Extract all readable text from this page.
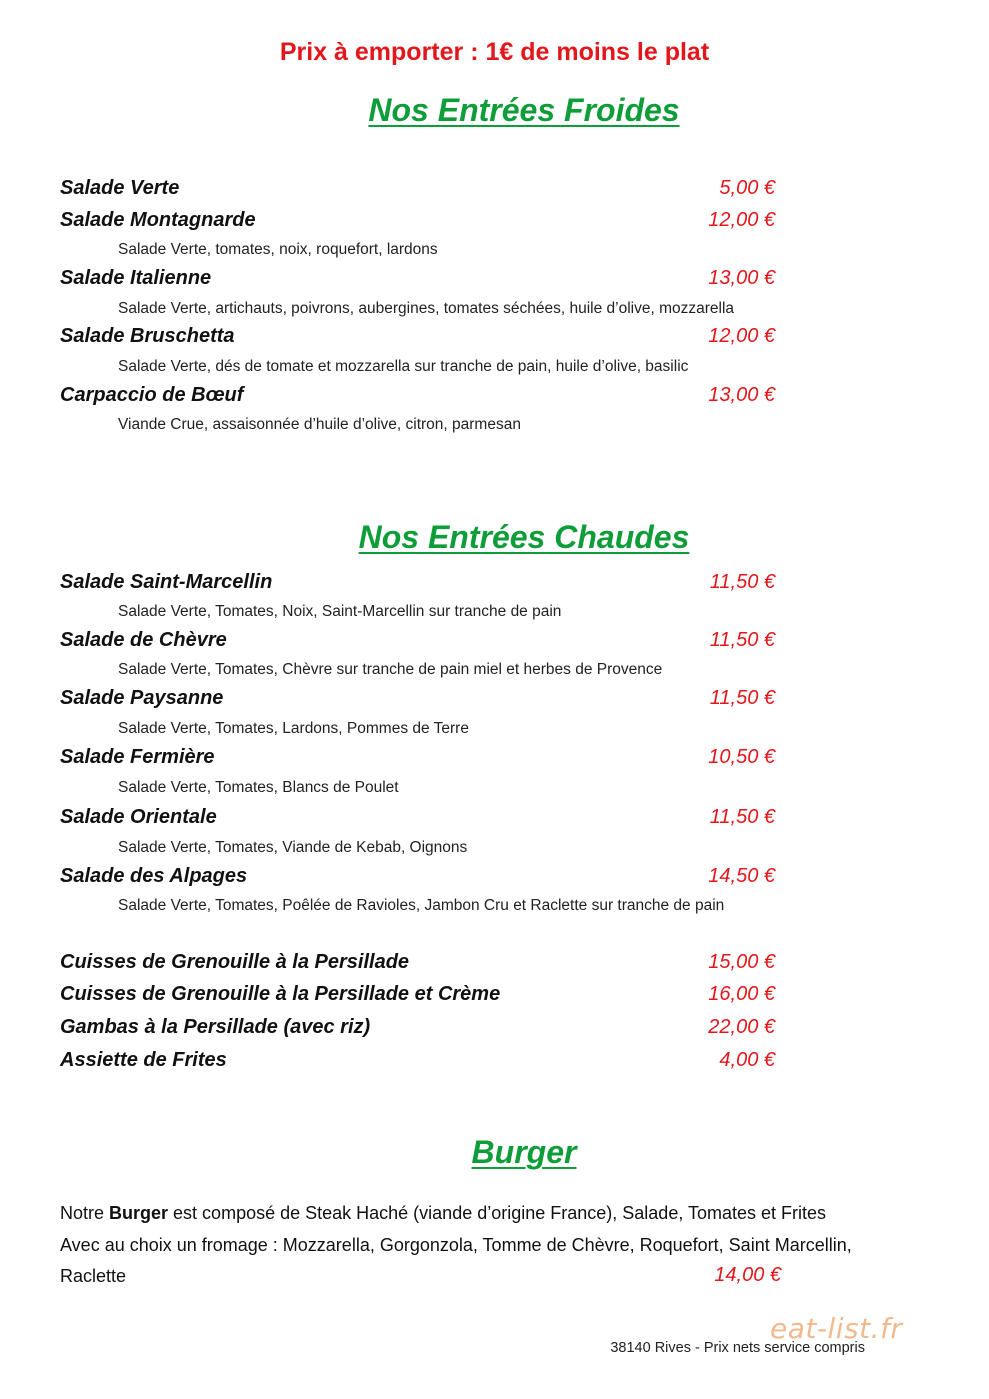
Prix à emporter : 1€ de moins le plat
Nos Entrées Froides
Salade Verte	5,00 €
Salade Montagnarde	12,00 €
Salade Verte, tomates, noix, roquefort, lardons
Salade Italienne	13,00 €
Salade Verte, artichauts, poivrons, aubergines, tomates séchées, huile d’olive, mozzarella
Salade Bruschetta	12,00 €
Salade Verte, dés de tomate et mozzarella sur tranche de pain, huile d’olive, basilic
Carpaccio de Bœuf	13,00 €
Viande Crue, assaisonnée d’huile d’olive, citron, parmesan
Nos Entrées Chaudes
Salade Saint-Marcellin	11,50 €
Salade Verte, Tomates, Noix, Saint-Marcellin sur tranche de pain
Salade de Chèvre	11,50 €
Salade Verte, Tomates, Chèvre sur tranche de pain miel et herbes de Provence
Salade Paysanne	11,50 €
Salade Verte, Tomates, Lardons, Pommes de Terre
Salade Fermière	10,50 €
Salade Verte, Tomates, Blancs de Poulet
Salade Orientale	11,50 €
Salade Verte, Tomates, Viande de Kebab, Oignons
Salade des Alpages	14,50 €
Salade Verte, Tomates, Poêlée de Ravioles, Jambon Cru et Raclette sur tranche de pain
Cuisses de Grenouille à la Persillade	15,00 €
Cuisses de Grenouille à la Persillade et Crème	16,00 €
Gambas à la Persillade (avec riz)	22,00 €
Assiette de Frites	4,00 €
Burger
Notre Burger est composé de Steak Haché (viande d’origine France), Salade, Tomates et Frites
Avec au choix un fromage : Mozzarella, Gorgonzola, Tomme de Chèvre, Roquefort, Saint Marcellin,
Raclette	14,00 €
eat-list.fr
38140 Rives - Prix nets service compris
